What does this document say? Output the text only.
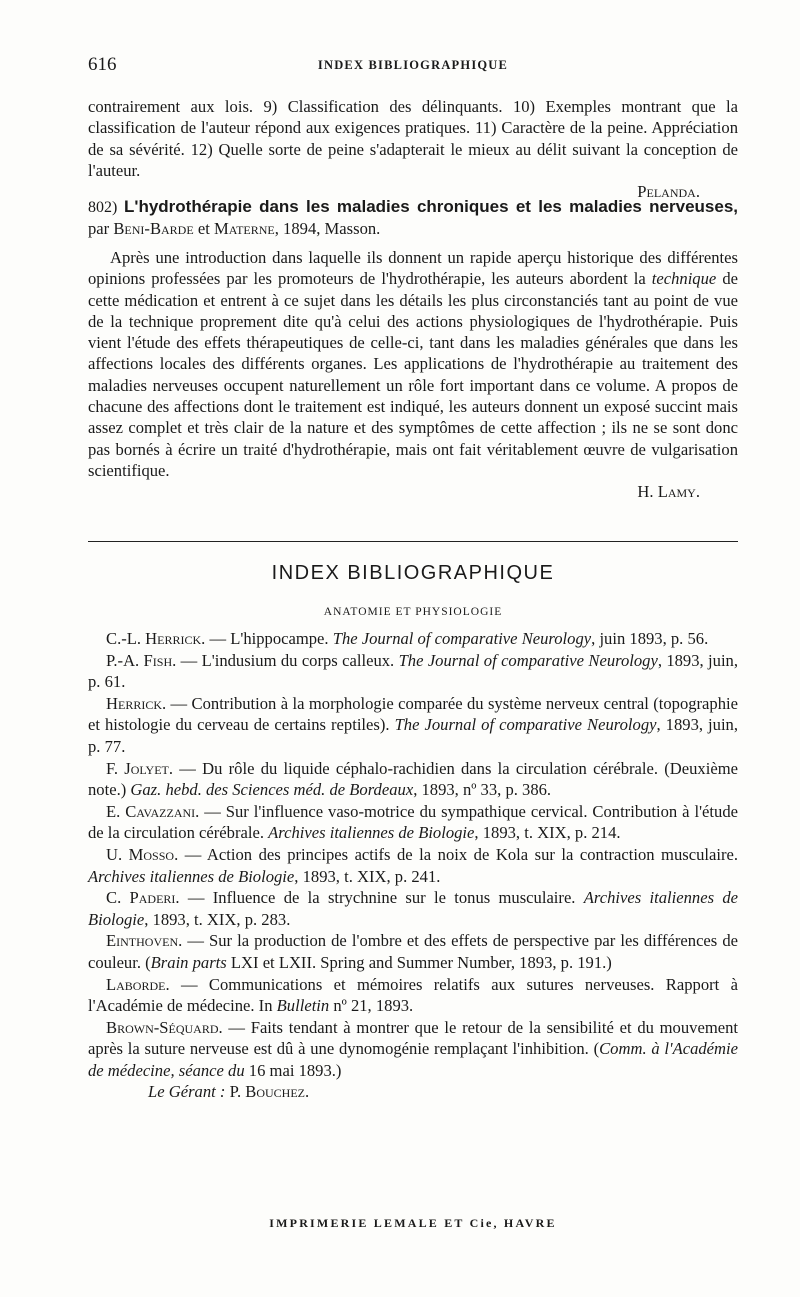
616	INDEX BIBLIOGRAPHIQUE

contrairement aux lois. 9) Classification des délinquants. 10) Exemples montrant que la classification de l'auteur répond aux exigences pratiques. 11) Caractère de la peine. Appréciation de sa sévérité. 12) Quelle sorte de peine s'adapterait le mieux au délit suivant la conception de l'auteur.
Pelanda.

802) L'hydrothérapie dans les maladies chroniques et les maladies nerveuses, par Beni-Barde et Materne, 1894, Masson.

Après une introduction dans laquelle ils donnent un rapide aperçu historique des différentes opinions professées par les promoteurs de l'hydrothérapie, les auteurs abordent la technique de cette médication et entrent à ce sujet dans les détails les plus circonstanciés tant au point de vue de la technique proprement dite qu'à celui des actions physiologiques de l'hydrothérapie. Puis vient l'étude des effets thérapeutiques de celle-ci, tant dans les maladies générales que dans les affections locales des différents organes. Les applications de l'hydrothérapie au traitement des maladies nerveuses occupent naturellement un rôle fort important dans ce volume. A propos de chacune des affections dont le traitement est indiqué, les auteurs donnent un exposé succint mais assez complet et très clair de la nature et des symptômes de cette affection ; ils ne se sont donc pas bornés à écrire un traité d'hydrothérapie, mais ont fait véritablement œuvre de vulgarisation scientifique.
H. Lamy.

INDEX BIBLIOGRAPHIQUE
ANATOMIE ET PHYSIOLOGIE

C.-L. Herrick. — L'hippocampe. The Journal of comparative Neurology, juin 1893, p. 56.

P.-A. Fish. — L'indusium du corps calleux. The Journal of comparative Neurology, 1893, juin, p. 61.

Herrick. — Contribution à la morphologie comparée du système nerveux central (topographie et histologie du cerveau de certains reptiles). The Journal of comparative Neurology, 1893, juin, p. 77.

F. Jolyet. — Du rôle du liquide céphalo-rachidien dans la circulation cérébrale. (Deuxième note.) Gaz. hebd. des Sciences méd. de Bordeaux, 1893, nº 33, p. 386.

E. Cavazzani. — Sur l'influence vaso-motrice du sympathique cervical. Contribution à l'étude de la circulation cérébrale. Archives italiennes de Biologie, 1893, t. XIX, p. 214.

U. Mosso. — Action des principes actifs de la noix de Kola sur la contraction musculaire. Archives italiennes de Biologie, 1893, t. XIX, p. 241.

C. Paderi. — Influence de la strychnine sur le tonus musculaire. Archives italiennes de Biologie, 1893, t. XIX, p. 283.

Einthoven. — Sur la production de l'ombre et des effets de perspective par les différences de couleur. (Brain parts LXI et LXII. Spring and Summer Number, 1893, p. 191.)

Laborde. — Communications et mémoires relatifs aux sutures nerveuses. Rapport à l'Académie de médecine. In Bulletin nº 21, 1893.

Brown-Séquard. — Faits tendant à montrer que le retour de la sensibilité et du mouvement après la suture nerveuse est dû à une dynomogénie remplaçant l'inhibition. (Comm. à l'Académie de médecine, séance du 16 mai 1893.)

Le Gérant : P. Bouchez.

IMPRIMERIE LEMALE ET Cie, HAVRE
